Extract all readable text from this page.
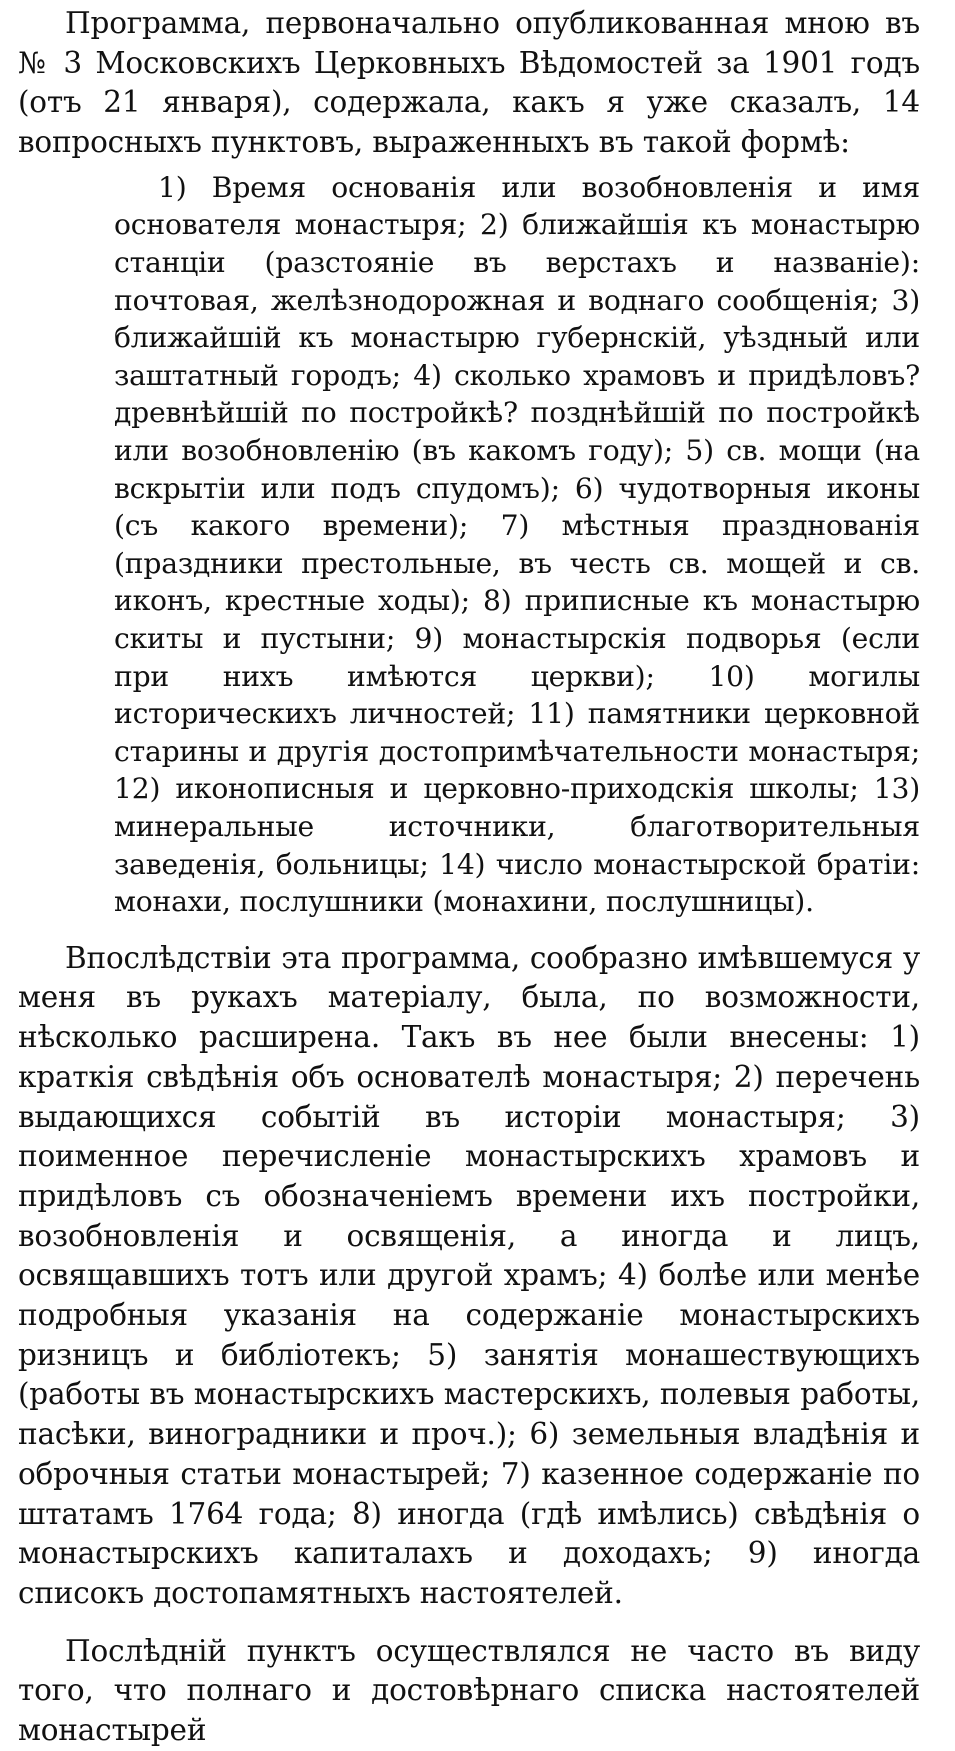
Программа, первоначально опубликованная мною въ № 3 Московскихъ Церковныхъ Вѣдомостей за 1901 годъ (отъ 21 января), содержала, какъ я уже сказалъ, 14 вопросныхъ пунктовъ, выраженныхъ въ такой формѣ:

1) Время основанія или возобновленія и имя основателя монастыря; 2) ближайшія къ монастырю станціи (разстояніе въ верстахъ и названіе): почтовая, желѣзнодорожная и воднаго сообщенія; 3) ближайшій къ монастырю губернскій, уѣздный или заштатный городъ; 4) сколько храмовъ и придѣловъ? древнѣйшій по постройкѣ? позднѣйшій по постройкѣ или возобновленію (въ какомъ году); 5) св. мощи (на вскрытіи или подъ спудомъ); 6) чудотворныя иконы (съ какого времени); 7) мѣстныя празднованія (праздники престольные, въ честь св. мощей и св. иконъ, крестные ходы); 8) приписные къ монастырю скиты и пустыни; 9) монастырскія подворья (если при нихъ имѣются церкви); 10) могилы историческихъ личностей; 11) памятники церковной старины и другія достопримѣчательности монастыря; 12) иконописныя и церковно-приходскія школы; 13) минеральные источники, благотворительныя заведенія, больницы; 14) число монастырской братіи: монахи, послушники (монахини, послушницы).

Впослѣдствіи эта программа, сообразно имѣвшемуся у меня въ рукахъ матеріалу, была, по возможности, нѣсколько расширена. Такъ въ нее были внесены: 1) краткія свѣдѣнія объ основателѣ монастыря; 2) перечень выдающихся событій въ исторіи монастыря; 3) поименное перечисленіе монастырскихъ храмовъ и придѣловъ съ обозначеніемъ времени ихъ постройки, возобновленія и освященія, а иногда и лицъ, освящавшихъ тотъ или другой храмъ; 4) болѣе или менѣе подробныя указанія на содержаніе монастырскихъ ризницъ и библіотекъ; 5) занятія монашествующихъ (работы въ монастырскихъ мастерскихъ, полевыя работы, пасѣки, виноградники и проч.); 6) земельныя владѣнія и оброчныя статьи монастырей; 7) казенное содержаніе по штатамъ 1764 года; 8) иногда (гдѣ имѣлись) свѣдѣнія о монастырскихъ капиталахъ и доходахъ; 9) иногда списокъ достопамятныхъ настоятелей.

Послѣдній пунктъ осуществлялся не часто въ виду того, что полнаго и достовѣрнаго списка настоятелей монастырей
